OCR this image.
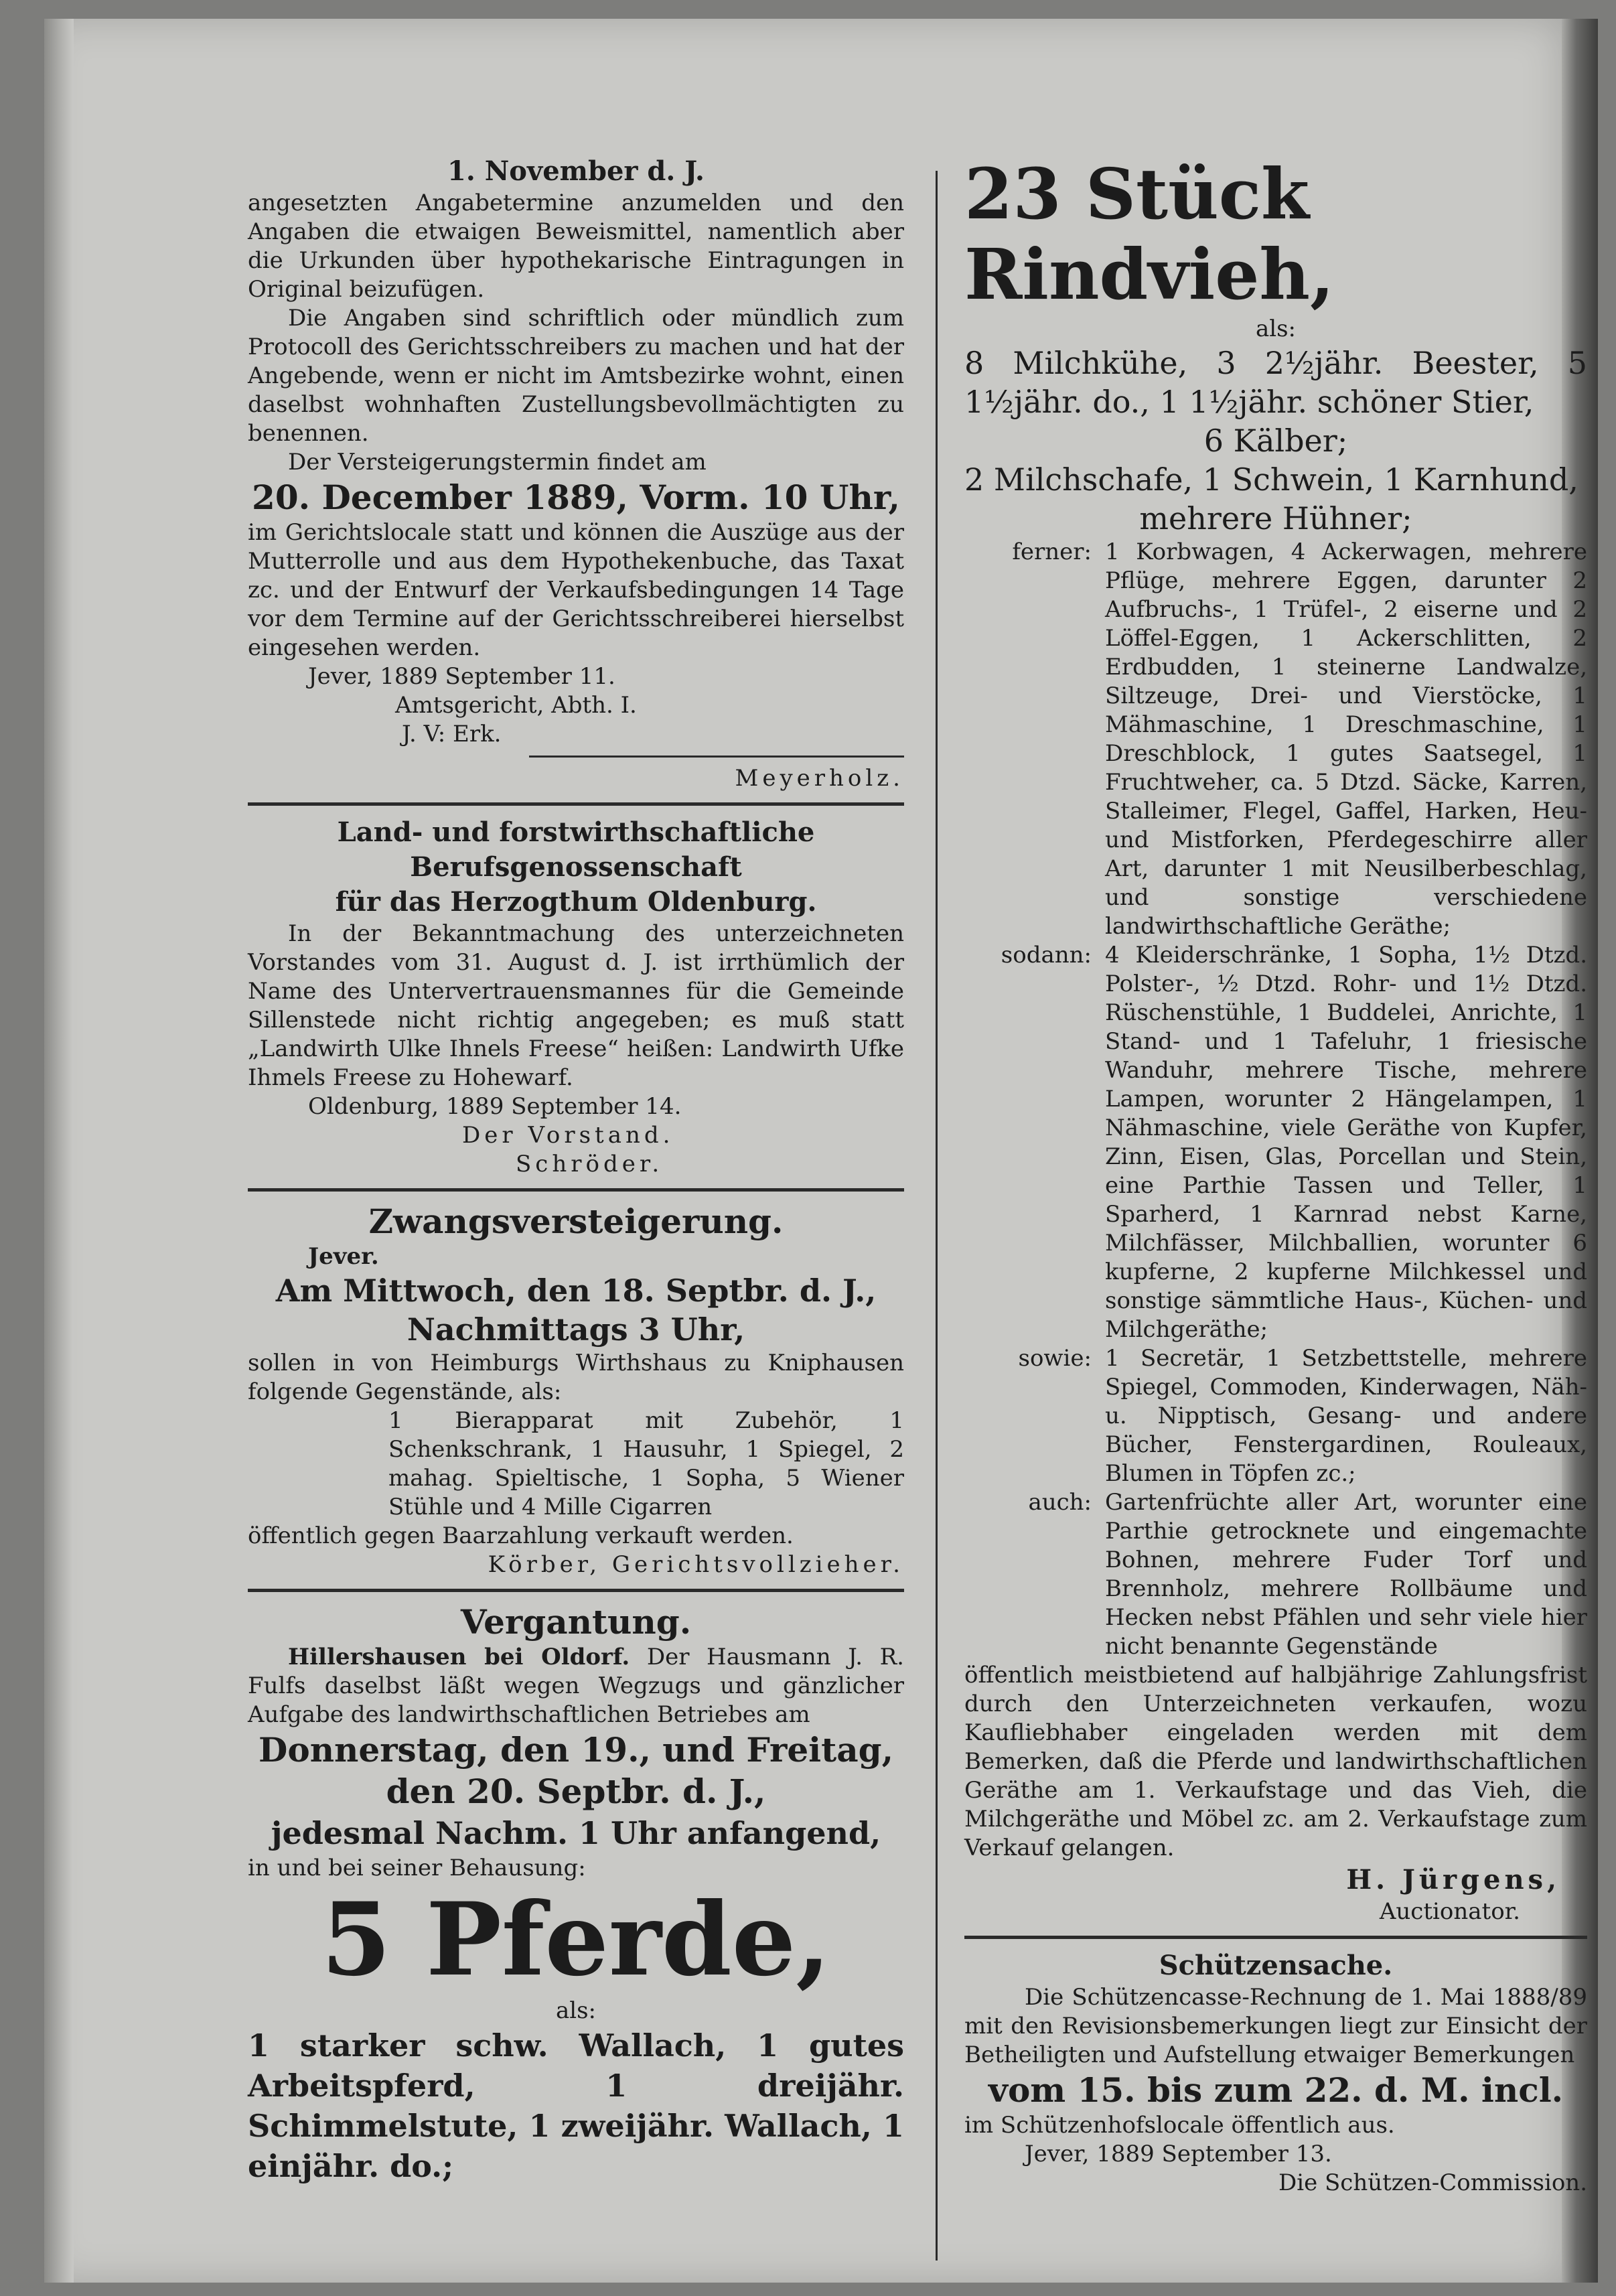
1. November d. J.

angesetzten Angabetermine anzumelden und den Angaben die etwaigen Beweismittel, namentlich aber die Urkunden über hypothekarische Eintragungen in Original beizufügen.

Die Angaben sind schriftlich oder mündlich zum Protocoll des Gerichtsschreibers zu machen und hat der Angebende, wenn er nicht im Amtsbezirke wohnt, einen daselbst wohnhaften Zustellungsbevollmächtigten zu benennen.

Der Versteigerungstermin findet am

20. December 1889, Vorm. 10 Uhr,

im Gerichtslocale statt und können die Auszüge aus der Mutterrolle und aus dem Hypothekenbuche, das Taxat zc. und der Entwurf der Verkaufsbedingungen 14 Tage vor dem Termine auf der Gerichtsschreiberei hierselbst eingesehen werden.

Jever, 1889 September 11.

Amtsgericht, Abth. I.

J. V: Erk.

Meyerholz.

Land- und forstwirthschaftliche Berufsgenossenschaft

für das Herzogthum Oldenburg.

In der Bekanntmachung des unterzeichneten Vorstandes vom 31. August d. J. ist irrthümlich der Name des Untervertrauensmannes für die Gemeinde Sillenstede nicht richtig angegeben; es muß statt „Landwirth Ulke Ihnels Freese“ heißen: Landwirth Ufke Ihmels Freese zu Hohewarf.

Oldenburg, 1889 September 14.

Der Vorstand.

Schröder.

Zwangsversteigerung.

Jever.

Am Mittwoch, den 18. Septbr. d. J.,

Nachmittags 3 Uhr,

sollen in von Heimburgs Wirthshaus zu Kniphausen folgende Gegenstände, als:

1 Bierapparat mit Zubehör, 1 Schenkschrank, 1 Hausuhr, 1 Spiegel, 2 mahag. Spieltische, 1 Sopha, 5 Wiener Stühle und 4 Mille Cigarren

öffentlich gegen Baarzahlung verkauft werden.

Körber, Gerichtsvollzieher.

Vergantung.

Hillershausen bei Oldorf. Der Hausmann J. R. Fulfs daselbst läßt wegen Wegzugs und gänzlicher Aufgabe des landwirthschaftlichen Betriebes am

Donnerstag, den 19., und Freitag,

den 20. Septbr. d. J.,

jedesmal Nachm. 1 Uhr anfangend,

in und bei seiner Behausung:

5 Pferde,

als:

1 starker schw. Wallach, 1 gutes Arbeitspferd, 1 dreijähr. Schimmelstute, 1 zweijähr. Wallach, 1 einjähr. do.;

23 Stück Rindvieh,

als:

8 Milchkühe, 3 2½jähr. Beester, 5 1½jähr. do., 1 1½jähr. schöner Stier,

6 Kälber;

2 Milchschafe, 1 Schwein, 1 Karnhund,

mehrere Hühner;

ferner: 1 Korbwagen, 4 Ackerwagen, mehrere Pflüge, mehrere Eggen, darunter 2 Aufbruchs-, 1 Trüfel-, 2 eiserne und 2 Löffel-Eggen, 1 Ackerschlitten, 2 Erdbudden, 1 steinerne Landwalze, Siltzeuge, Drei- und Vierstöcke, 1 Mähmaschine, 1 Dreschmaschine, 1 Dreschblock, 1 gutes Saatsegel, 1 Fruchtweher, ca. 5 Dtzd. Säcke, Karren, Stalleimer, Flegel, Gaffel, Harken, Heu- und Mistforken, Pferdegeschirre aller Art, darunter 1 mit Neusilberbeschlag, und sonstige verschiedene landwirthschaftliche Geräthe;
sodann: 4 Kleiderschränke, 1 Sopha, 1½ Dtzd. Polster-, ½ Dtzd. Rohr- und 1½ Dtzd. Rüschenstühle, 1 Buddelei, Anrichte, 1 Stand- und 1 Tafeluhr, 1 friesische Wanduhr, mehrere Tische, mehrere Lampen, worunter 2 Hängelampen, 1 Nähmaschine, viele Geräthe von Kupfer, Zinn, Eisen, Glas, Porcellan und Stein, eine Parthie Tassen und Teller, 1 Sparherd, 1 Karnrad nebst Karne, Milchfässer, Milchballien, worunter 6 kupferne, 2 kupferne Milchkessel und sonstige sämmtliche Haus-, Küchen- und Milchgeräthe;
sowie: 1 Secretär, 1 Setzbettstelle, mehrere Spiegel, Commoden, Kinderwagen, Näh- u. Nipptisch, Gesang- und andere Bücher, Fenstergardinen, Rouleaux, Blumen in Töpfen zc.;
auch: Gartenfrüchte aller Art, worunter eine Parthie getrocknete und eingemachte Bohnen, mehrere Fuder Torf und Brennholz, mehrere Rollbäume und Hecken nebst Pfählen und sehr viele hier nicht benannte Gegenstände

öffentlich meistbietend auf halbjährige Zahlungsfrist durch den Unterzeichneten verkaufen, wozu Kaufliebhaber eingeladen werden mit dem Bemerken, daß die Pferde und landwirthschaftlichen Geräthe am 1. Verkaufstage und das Vieh, die Milchgeräthe und Möbel zc. am 2. Verkaufstage zum Verkauf gelangen.

H. Jürgens,

Auctionator.

Schützensache.

Die Schützencasse-Rechnung de 1. Mai 1888/89 mit den Revisionsbemerkungen liegt zur Einsicht der Betheiligten und Aufstellung etwaiger Bemerkungen

vom 15. bis zum 22. d. M. incl.

im Schützenhofslocale öffentlich aus.

Jever, 1889 September 13.

Die Schützen-Commission.
